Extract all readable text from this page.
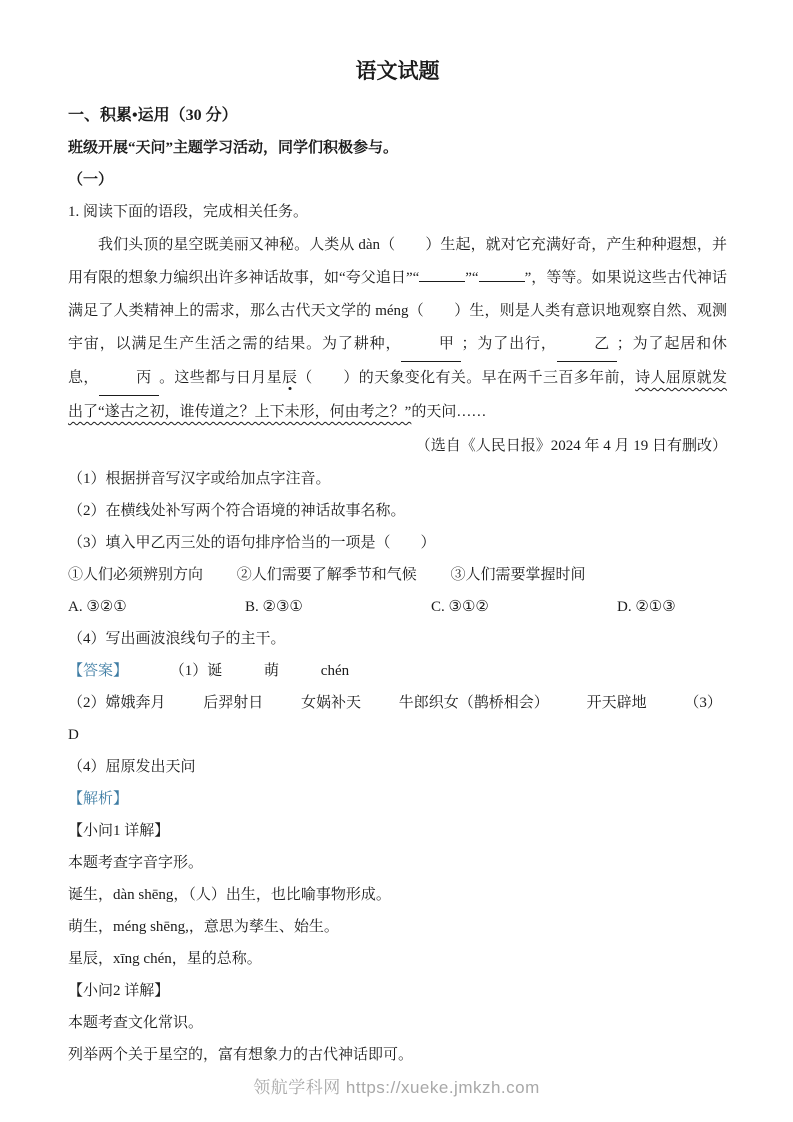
语文试题
一、积累•运用（30 分）
班级开展“天问”主题学习活动，同学们积极参与。
（一）
1. 阅读下面的语段，完成相关任务。

我们头顶的星空既美丽又神秘。人类从 dàn（　　）生起，就对它充满好奇，产生种种遐想，并用有限的想象力编织出许多神话故事，如“夸父追日”“	”“	”，等等。如果说这些古代神话满足了人类精神上的需求，那么古代天文学的 méng（　　）生，则是人类有意识地观察自然、观测宇宙，以满足生产生活之需的结果。为了耕种， 甲 ；为了出行， 乙 ；为了起居和休息， 丙 。这些都与日月星辰（　　）的天象变化有关。早在两千三百多年前，诗人屈原就发出了“遂古之初，谁传道之？上下未形，何由考之？”的天问……

（选自《人民日报》2024 年 4 月 19 日有删改）
（1）根据拼音写汉字或给加点字注音。
（2）在横线处补写两个符合语境的神话故事名称。
（3）填入甲乙丙三处的语句排序恰当的一项是（　　）
①人们必须辨别方向 ②人们需要了解季节和气候 ③人们需要掌握时间
A. ③②①	B. ②③①	C. ③①②	D. ②①③
（4）写出画波浪线句子的主干。
【答案】	（1）诞	萌	chén
（2）嫦娥奔月	后羿射日	女娲补天	牛郎织女（鹊桥相会）	开天辟地	（3）D
（4）屈原发出天问
【解析】
【小问1 详解】
本题考查字音字形。
诞生，dàn shēng，（人）出生，也比喻事物形成。
萌生，méng shēng,，意思为孳生、始生。
星辰，xīng chén，星的总称。
【小问2 详解】
本题考查文化常识。
列举两个关于星空的，富有想象力的古代神话即可。
领航学科网 https://xueke.jmkzh.com
